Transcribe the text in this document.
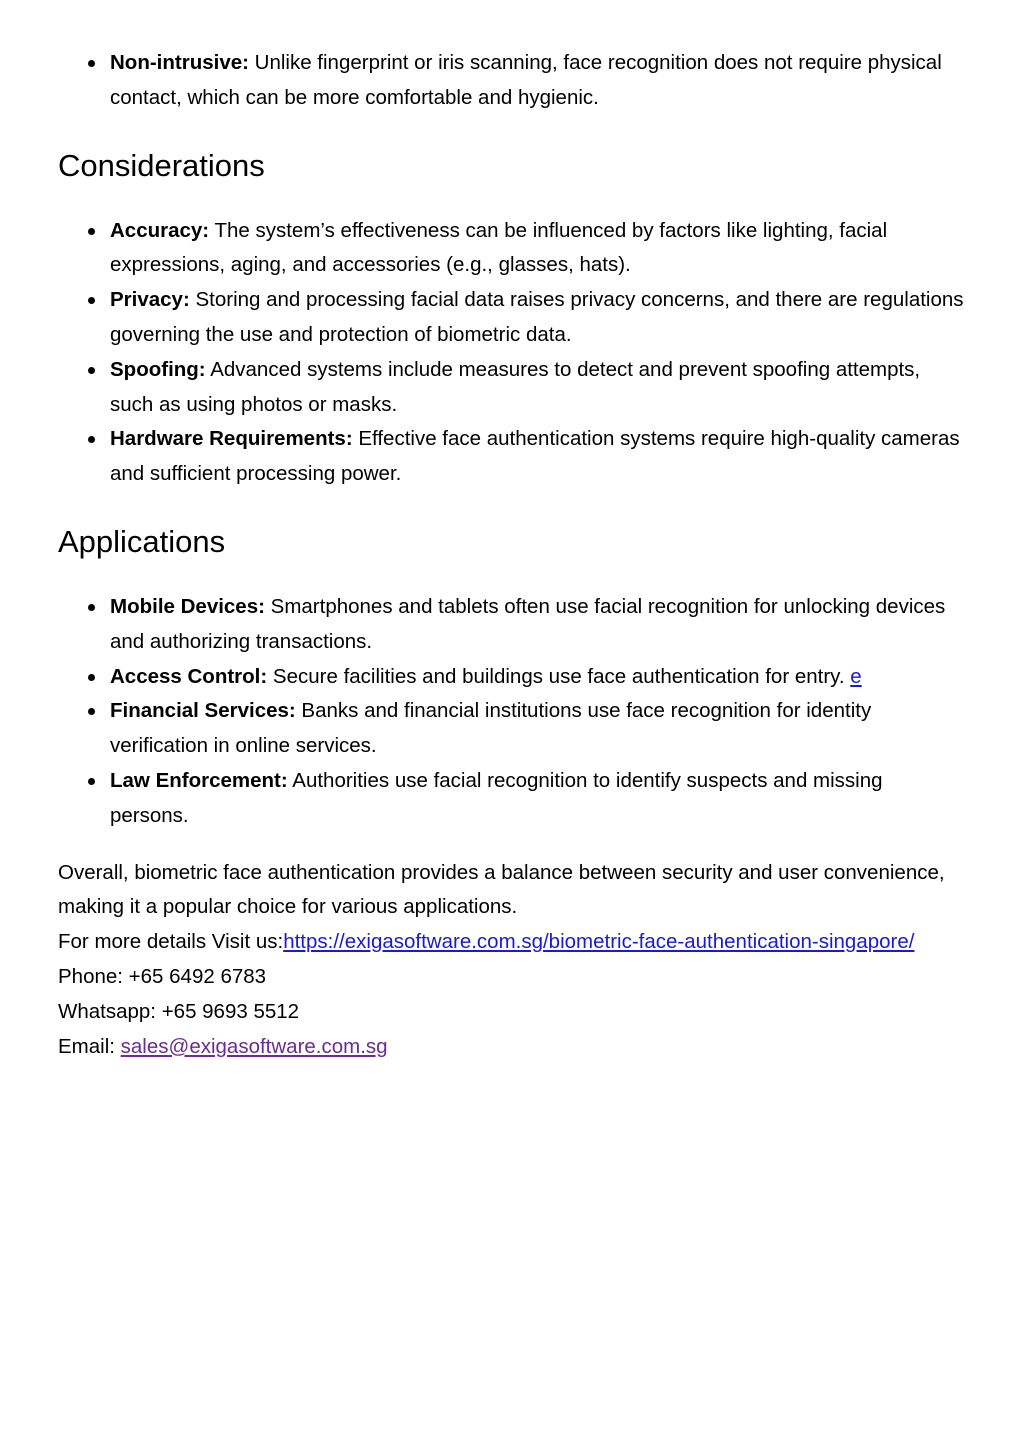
Non-intrusive: Unlike fingerprint or iris scanning, face recognition does not require physical contact, which can be more comfortable and hygienic.
Considerations
Accuracy: The system’s effectiveness can be influenced by factors like lighting, facial expressions, aging, and accessories (e.g., glasses, hats).
Privacy: Storing and processing facial data raises privacy concerns, and there are regulations governing the use and protection of biometric data.
Spoofing: Advanced systems include measures to detect and prevent spoofing attempts, such as using photos or masks.
Hardware Requirements: Effective face authentication systems require high-quality cameras and sufficient processing power.
Applications
Mobile Devices: Smartphones and tablets often use facial recognition for unlocking devices and authorizing transactions.
Access Control: Secure facilities and buildings use face authentication for entry. e
Financial Services: Banks and financial institutions use face recognition for identity verification in online services.
Law Enforcement: Authorities use facial recognition to identify suspects and missing persons.
Overall, biometric face authentication provides a balance between security and user convenience, making it a popular choice for various applications.
For more details Visit us:https://exigasoftware.com.sg/biometric-face-authentication-singapore/
Phone: +65 6492 6783
Whatsapp: +65 9693 5512
Email: sales@exigasoftware.com.sg
